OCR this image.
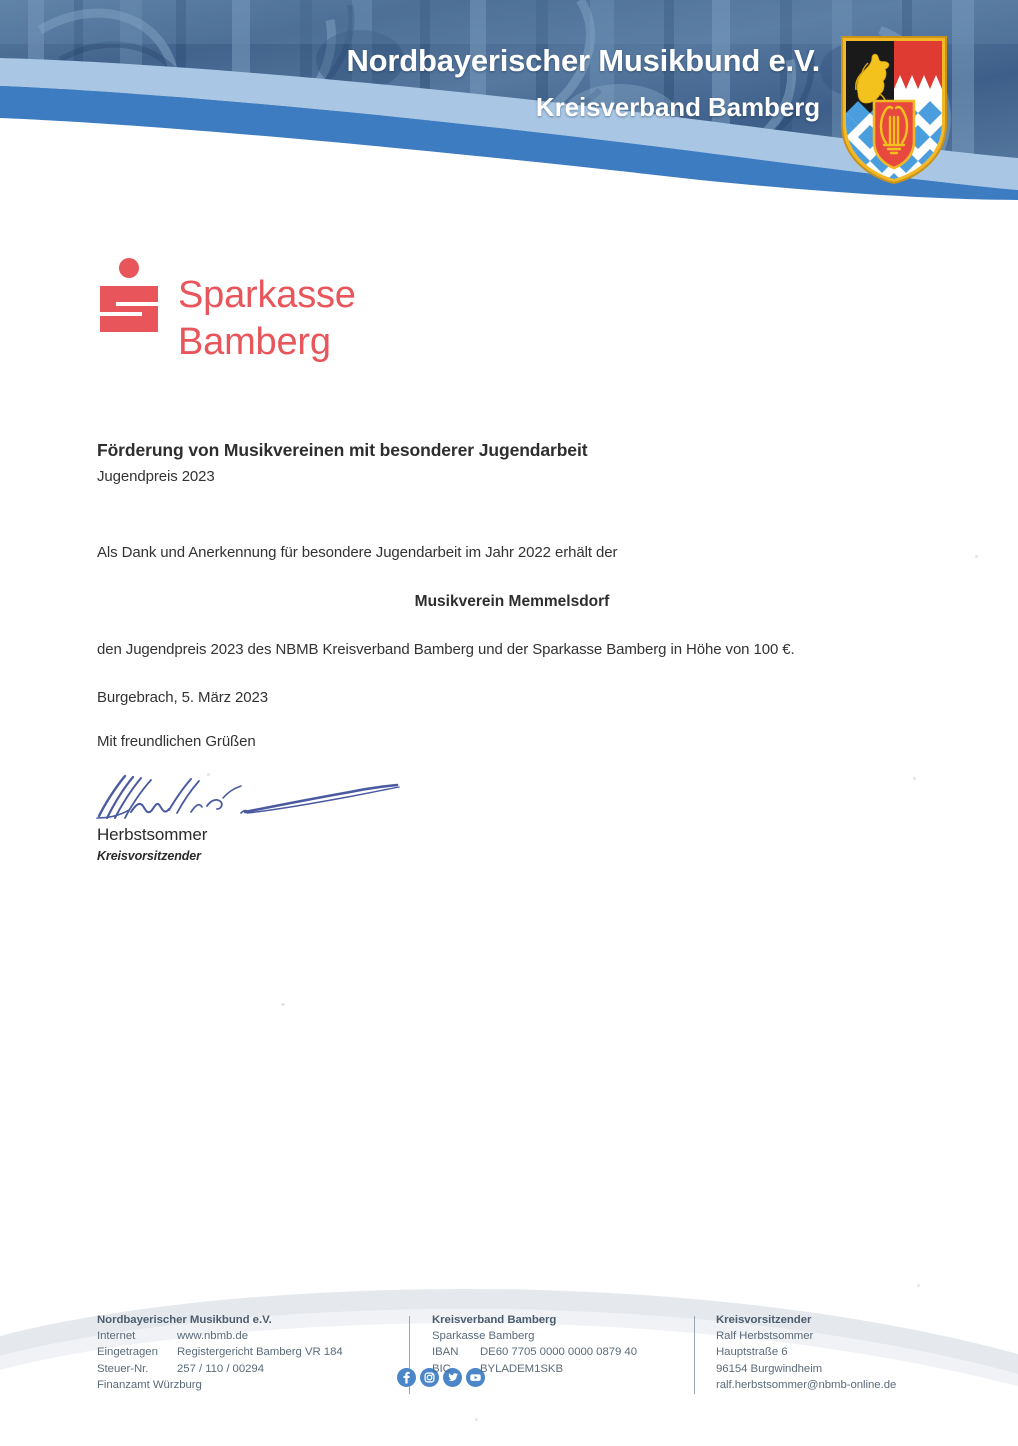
Nordbayerischer Musikbund e.V.
Kreisverband Bamberg
Sparkasse
Bamberg
Förderung von Musikvereinen mit besonderer Jugendarbeit
Jugendpreis 2023
Als Dank und Anerkennung für besondere Jugendarbeit im Jahr 2022 erhält der
Musikverein Memmelsdorf
den Jugendpreis 2023 des NBMB Kreisverband Bamberg und der Sparkasse Bamberg in Höhe von 100 €.
Burgebrach, 5. März 2023
Mit freundlichen Grüßen
Herbstsommer
Kreisvorsitzender
Nordbayerischer Musikbund e.V.
Internet	www.nbmb.de
Eingetragen Registergericht Bamberg VR 184
Steuer-Nr.	257 / 110 / 00294
Finanzamt Würzburg
Kreisverband Bamberg
Sparkasse Bamberg
IBAN DE60 7705 0000 0000 0879 40
BIC	BYLADEM1SKB
Kreisvorsitzender
Ralf Herbstsommer
Hauptstraße 6
96154 Burgwindheim
ralf.herbstsommer@nbmb-online.de
